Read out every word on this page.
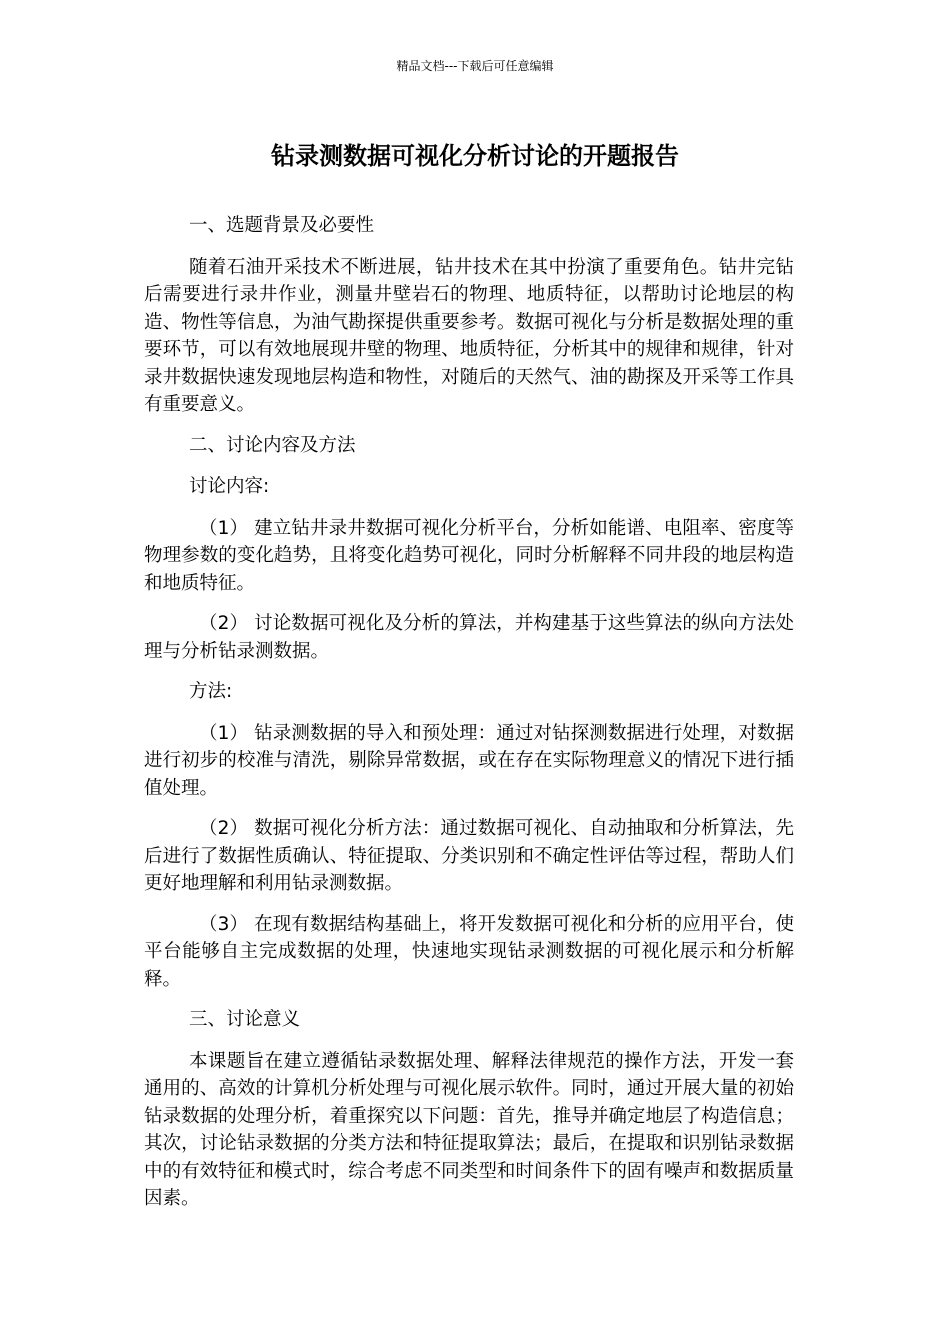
精品文档---下载后可任意编辑
钻录测数据可视化分析讨论的开题报告

一、选题背景及必要性

随着石油开采技术不断进展，钻井技术在其中扮演了重要角色。钻井完钻后需要进行录井作业，测量井壁岩石的物理、地质特征，以帮助讨论地层的构造、物性等信息，为油气勘探提供重要参考。数据可视化与分析是数据处理的重要环节，可以有效地展现井壁的物理、地质特征，分析其中的规律和规律，针对录井数据快速发现地层构造和物性，对随后的天然气、油的勘探及开采等工作具有重要意义。

二、讨论内容及方法

讨论内容:

（1） 建立钻井录井数据可视化分析平台，分析如能谱、电阻率、密度等物理参数的变化趋势，且将变化趋势可视化，同时分析解释不同井段的地层构造和地质特征。

（2） 讨论数据可视化及分析的算法，并构建基于这些算法的纵向方法处理与分析钻录测数据。

方法:

（1） 钻录测数据的导入和预处理：通过对钻探测数据进行处理，对数据进行初步的校准与清洗，剔除异常数据，或在存在实际物理意义的情况下进行插值处理。

（2） 数据可视化分析方法：通过数据可视化、自动抽取和分析算法，先后进行了数据性质确认、特征提取、分类识别和不确定性评估等过程，帮助人们更好地理解和利用钻录测数据。

（3） 在现有数据结构基础上，将开发数据可视化和分析的应用平台，使平台能够自主完成数据的处理，快速地实现钻录测数据的可视化展示和分析解释。

三、讨论意义

本课题旨在建立遵循钻录数据处理、解释法律规范的操作方法，开发一套通用的、高效的计算机分析处理与可视化展示软件。同时，通过开展大量的初始钻录数据的处理分析，着重探究以下问题：首先，推导并确定地层了构造信息；其次，讨论钻录数据的分类方法和特征提取算法；最后，在提取和识别钻录数据中的有效特征和模式时，综合考虑不同类型和时间条件下的固有噪声和数据质量因素。
